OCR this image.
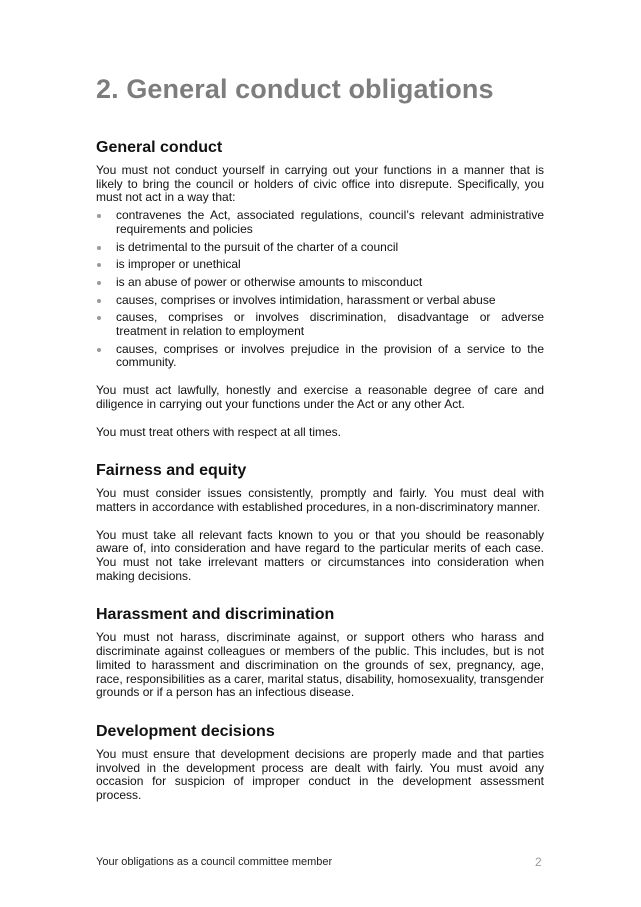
2. General conduct obligations
General conduct

You must not conduct yourself in carrying out your functions in a manner that is likely to bring the council or holders of civic office into disrepute. Specifically, you must not act in a way that:

contravenes the Act, associated regulations, council’s relevant administrative requirements and policies
is detrimental to the pursuit of the charter of a council
is improper or unethical
is an abuse of power or otherwise amounts to misconduct
causes, comprises or involves intimidation, harassment or verbal abuse
causes, comprises or involves discrimination, disadvantage or adverse treatment in relation to employment
causes, comprises or involves prejudice in the provision of a service to the community.

You must act lawfully, honestly and exercise a reasonable degree of care and diligence in carrying out your functions under the Act or any other Act.

You must treat others with respect at all times.

Fairness and equity

You must consider issues consistently, promptly and fairly. You must deal with matters in accordance with established procedures, in a non-discriminatory manner.

You must take all relevant facts known to you or that you should be reasonably aware of, into consideration and have regard to the particular merits of each case. You must not take irrelevant matters or circumstances into consideration when making decisions.

Harassment and discrimination

You must not harass, discriminate against, or support others who harass and discriminate against colleagues or members of the public. This includes, but is not limited to harassment and discrimination on the grounds of sex, pregnancy, age, race, responsibilities as a carer, marital status, disability, homosexuality, transgender grounds or if a person has an infectious disease.

Development decisions

You must ensure that development decisions are properly made and that parties involved in the development process are dealt with fairly. You must avoid any occasion for suspicion of improper conduct in the development assessment process.

Your obligations as a council committee member	2
